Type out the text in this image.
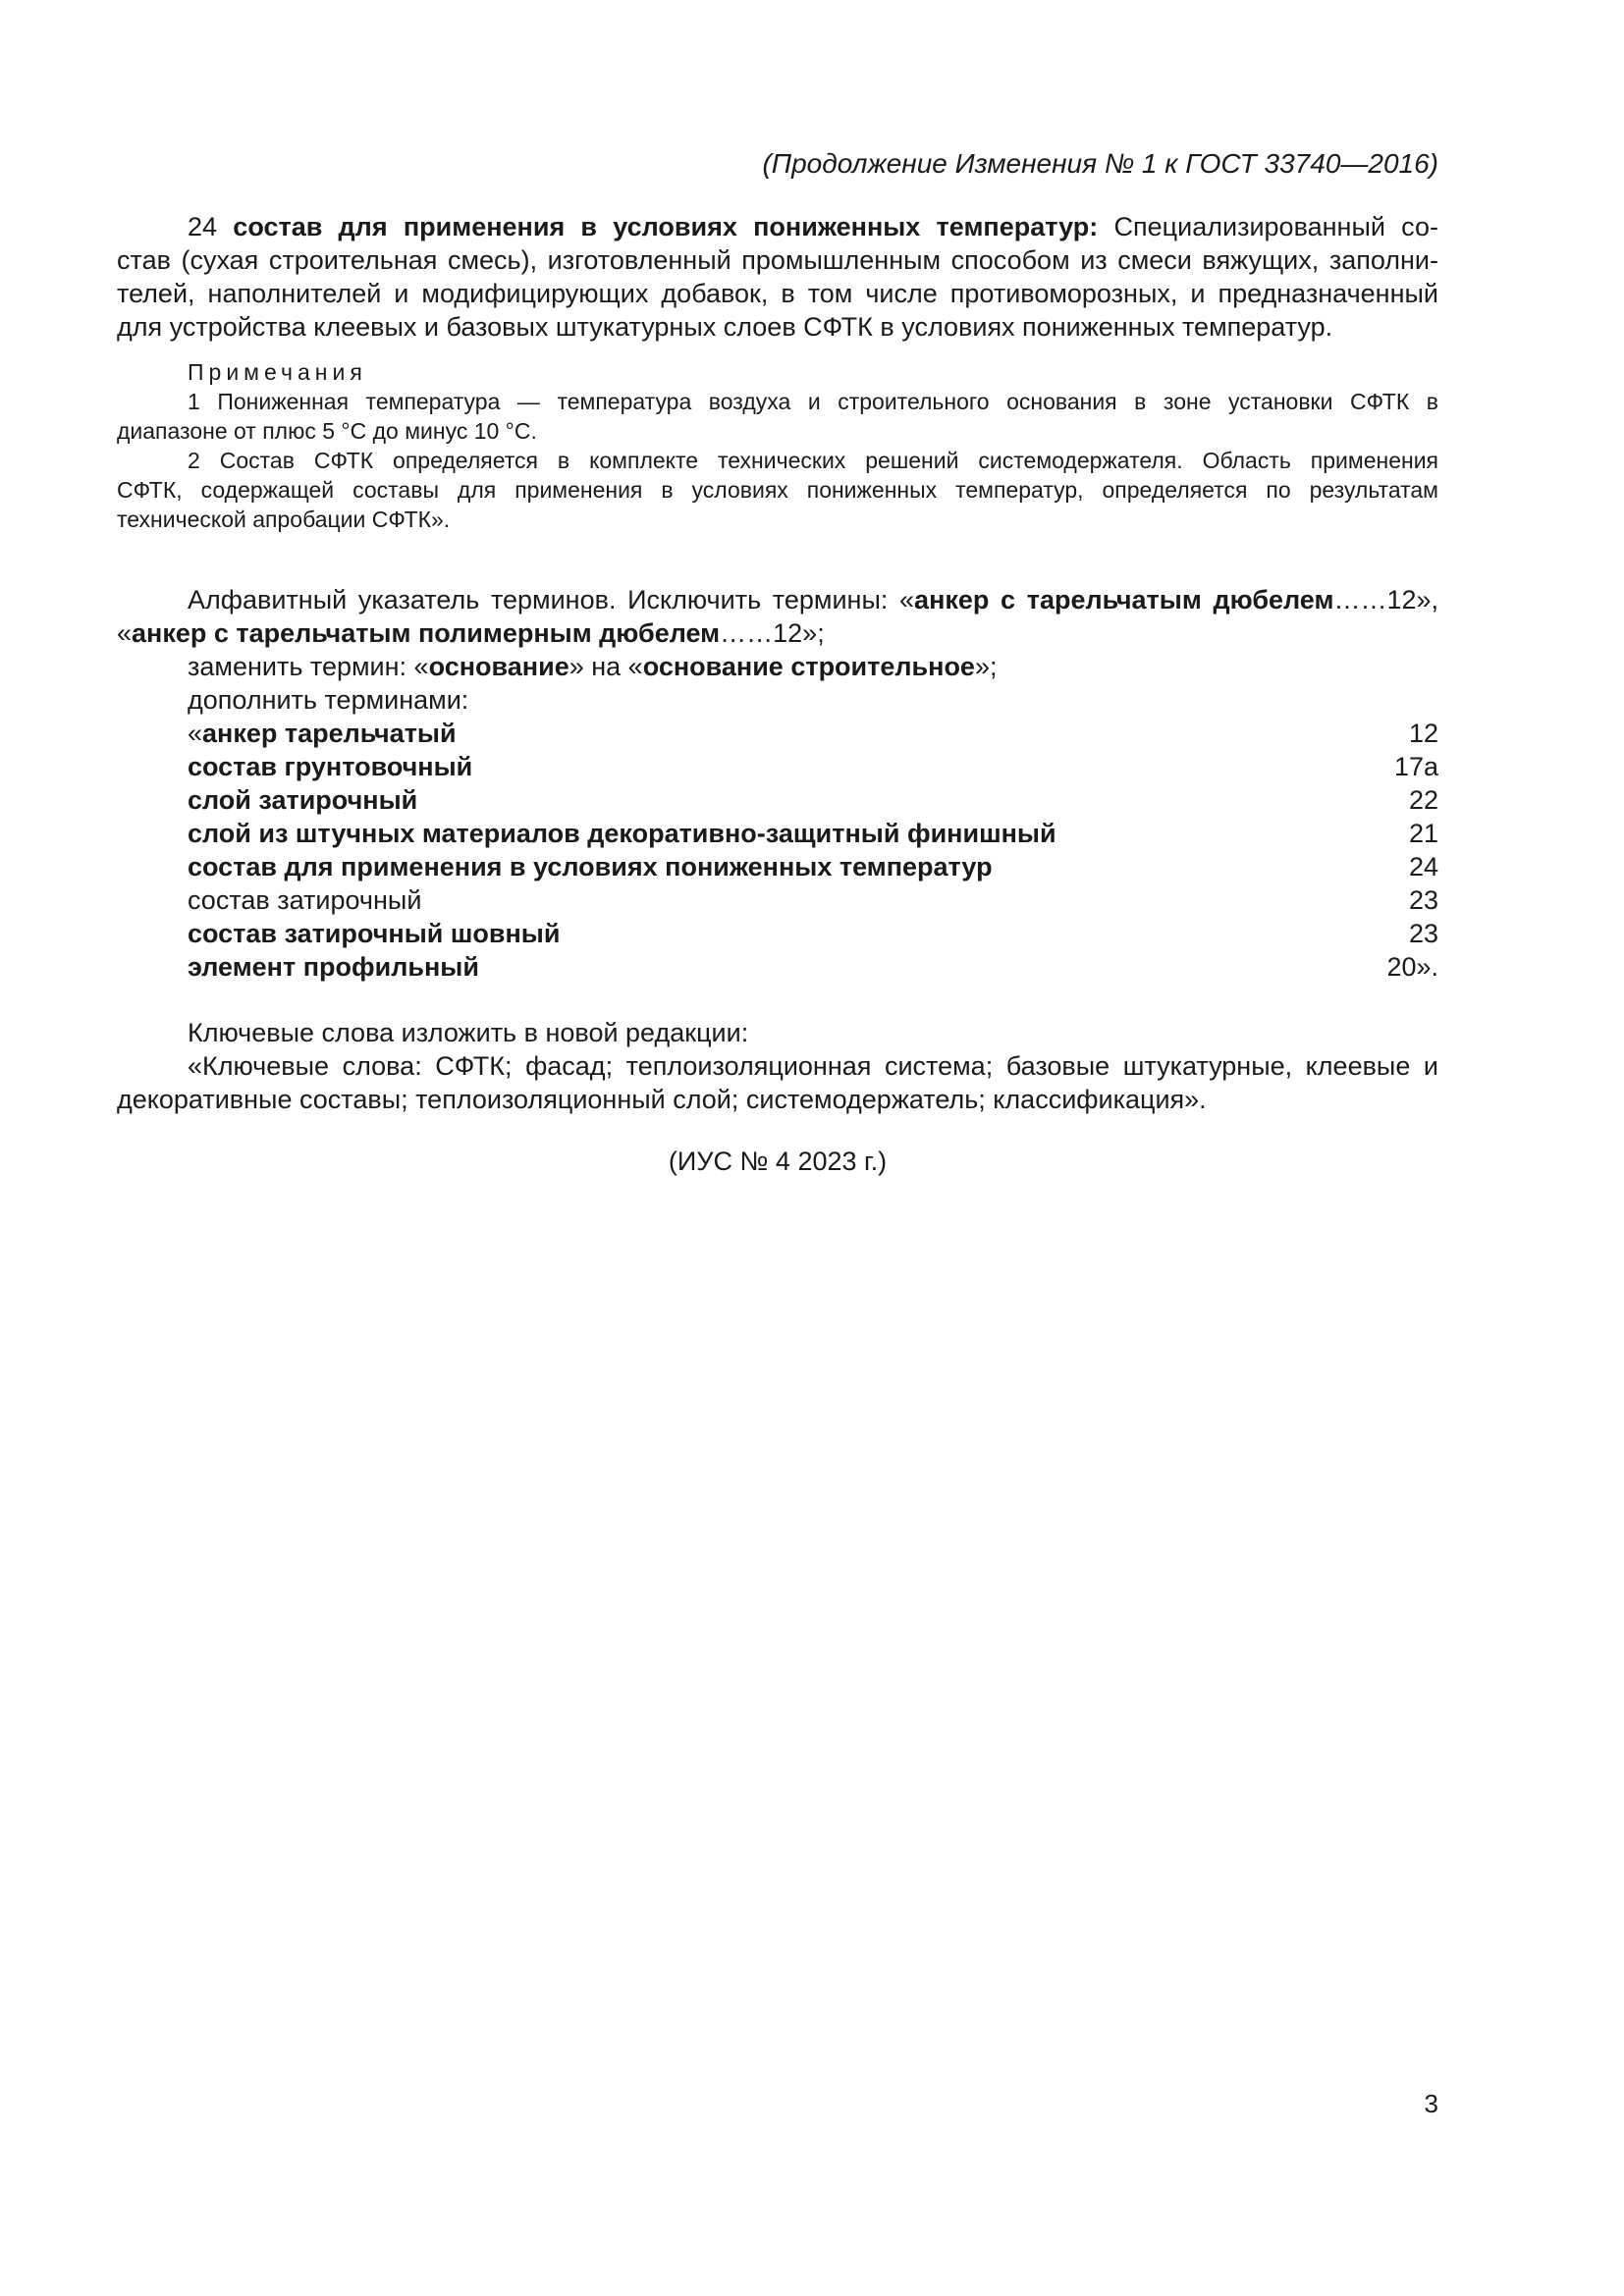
(Продолжение Изменения № 1 к ГОСТ 33740—2016)
24 состав для применения в условиях пониженных температур: Специализированный со-
став (сухая строительная смесь), изготовленный промышленным способом из смеси вяжущих, заполни-
телей, наполнителей и модифицирующих добавок, в том числе противоморозных, и предназначенный
для устройства клеевых и базовых штукатурных слоев СФТК в условиях пониженных температур.
Примечания
1 Пониженная температура — температура воздуха и строительного основания в зоне установки СФТК в
диапазоне от плюс 5 °С до минус 10 °С.
2 Состав СФТК определяется в комплекте технических решений системодержателя. Область применения
СФТК, содержащей составы для применения в условиях пониженных температур, определяется по результатам
технической апробации СФТК».
Алфавитный указатель терминов. Исключить термины: «анкер с тарельчатым дюбелем……12»,
«анкер с тарельчатым полимерным дюбелем……12»;
заменить термин: «основание» на «основание строительное»;
дополнить терминами:
«анкер тарельчатый	12
состав грунтовочный	17а
слой затирочный	22
слой из штучных материалов декоративно-защитный финишный	21
состав для применения в условиях пониженных температур	24
состав затирочный	23
состав затирочный шовный	23
элемент профильный	20».
Ключевые слова изложить в новой редакции:
«Ключевые слова: СФТК; фасад; теплоизоляционная система; базовые штукатурные, клеевые и
декоративные составы; теплоизоляционный слой; системодержатель; классификация».
(ИУС № 4 2023 г.)
3
